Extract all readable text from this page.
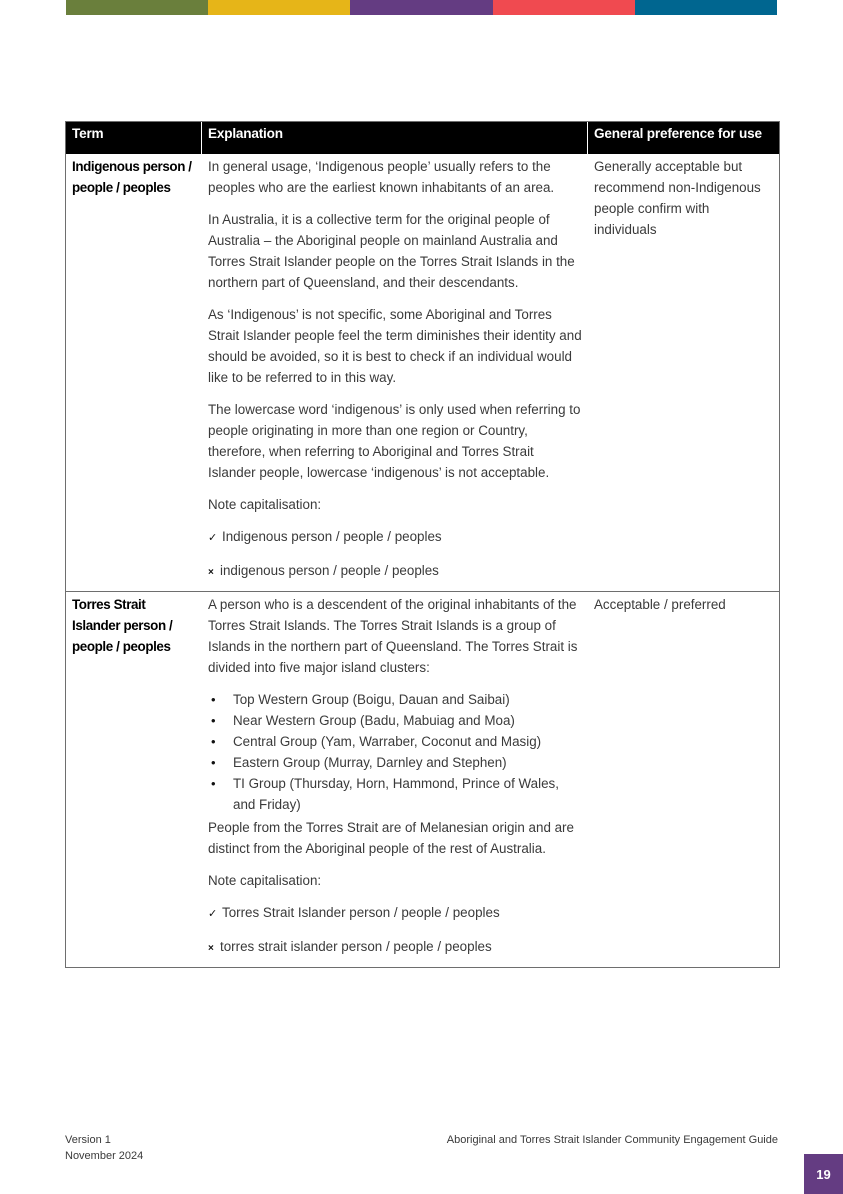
Term	Explanation	General preference for use
Indigenous person / people / peoples

In general usage, ‘Indigenous people’ usually refers to the peoples who are the earliest known inhabitants of an area.

In Australia, it is a collective term for the original people of Australia – the Aboriginal people on mainland Australia and Torres Strait Islander people on the Torres Strait Islands in the northern part of Queensland, and their descendants.

As ‘Indigenous’ is not specific, some Aboriginal and Torres Strait Islander people feel the term diminishes their identity and should be avoided, so it is best to check if an individual would like to be referred to in this way.

The lowercase word ‘indigenous’ is only used when referring to people originating in more than one region or Country, therefore, when referring to Aboriginal and Torres Strait Islander people, lowercase ‘indigenous’ is not acceptable.

Note capitalisation:

✓ Indigenous person / people / peoples

× indigenous person / people / peoples

Generally acceptable but recommend non-Indigenous people confirm with individuals
Torres Strait Islander person / people / peoples

A person who is a descendent of the original inhabitants of the Torres Strait Islands. The Torres Strait Islands is a group of Islands in the northern part of Queensland. The Torres Strait is divided into five major island clusters:

• Top Western Group (Boigu, Dauan and Saibai)
• Near Western Group (Badu, Mabuiag and Moa)
• Central Group (Yam, Warraber, Coconut and Masig)
• Eastern Group (Murray, Darnley and Stephen)
• TI Group (Thursday, Horn, Hammond, Prince of Wales, and Friday)

People from the Torres Strait are of Melanesian origin and are distinct from the Aboriginal people of the rest of Australia.

Note capitalisation:

✓ Torres Strait Islander person / people / peoples

× torres strait islander person / people / peoples

Acceptable / preferred
Version 1
November 2024
Aboriginal and Torres Strait Islander Community Engagement Guide
19
